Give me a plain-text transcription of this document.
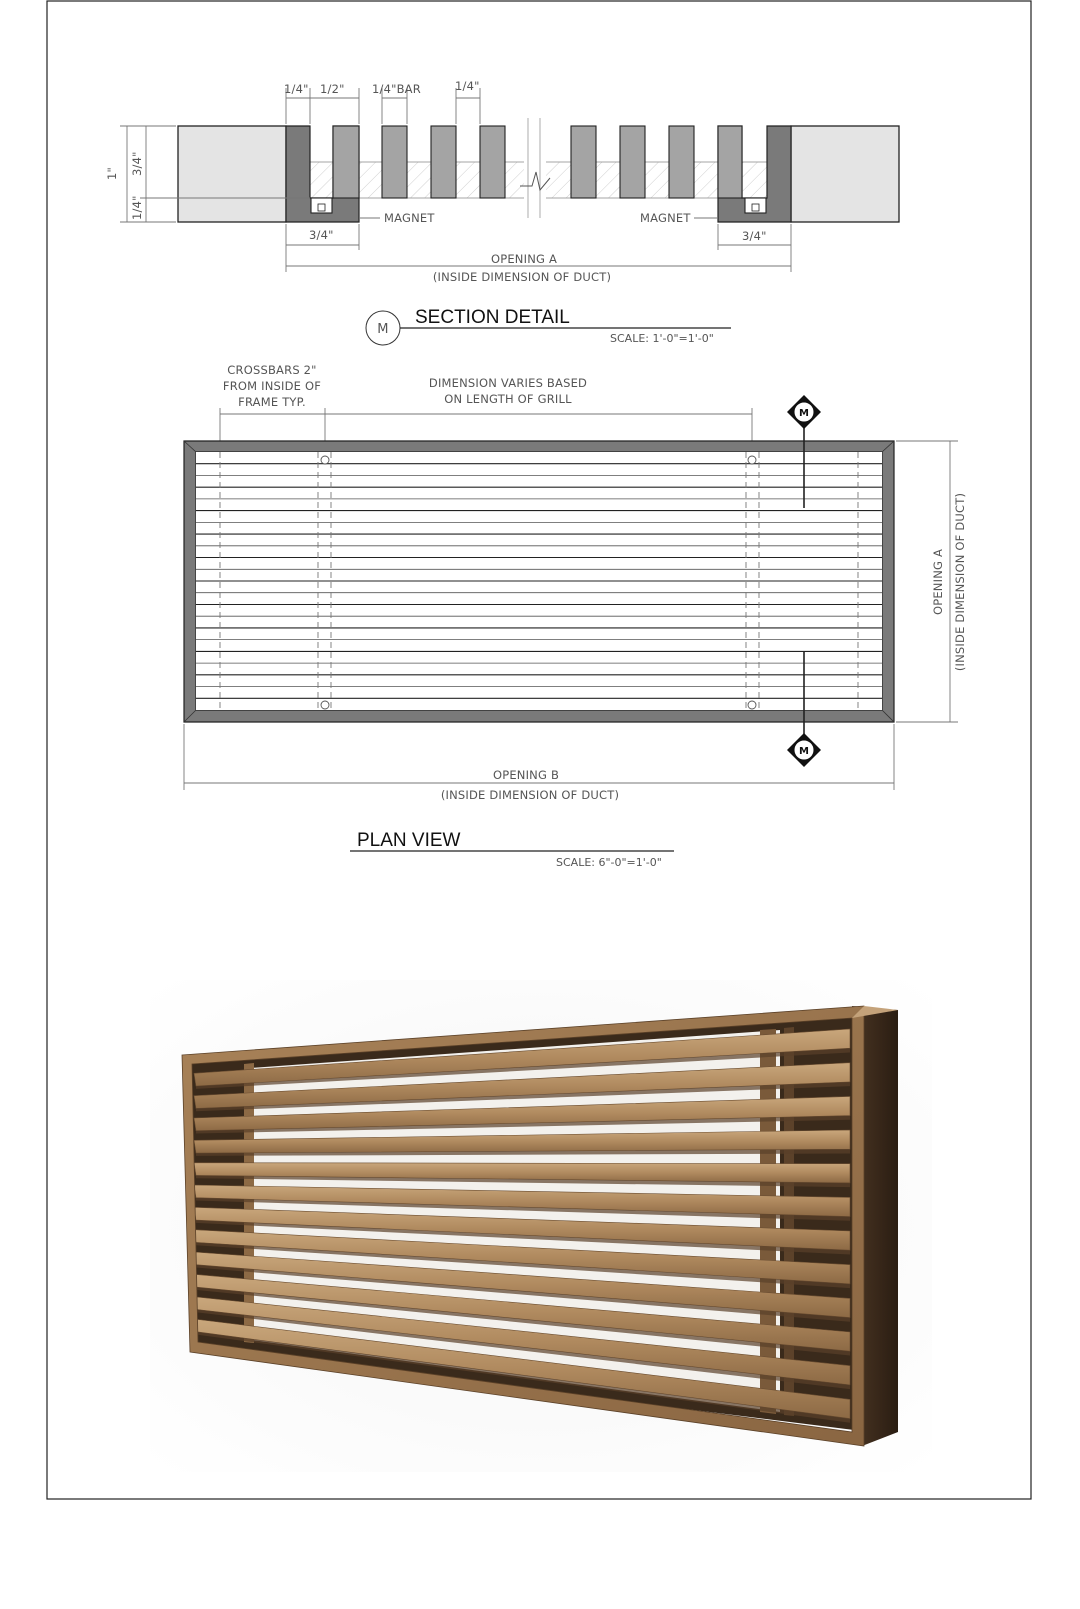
1/4" 1/2" 1/4"BAR	1/4"
1" 3/4"
1/4"	MAGNET	MAGNET
3/4"	3/4"
OPENING A
(INSIDE DIMENSION OF DUCT)
M
SECTION DETAIL
SCALE: 1'-0"=1'-0"
CROSSBARS 2"
FROM INSIDE OF
FRAME TYP.
DIMENSION VARIES BASED
ON LENGTH OF GRILL
M
M
OPENING A (INSIDE DIMENSION OF DUCT)
OPENING B
(INSIDE DIMENSION OF DUCT)
PLAN VIEW
SCALE: 6"-0"=1'-0"
